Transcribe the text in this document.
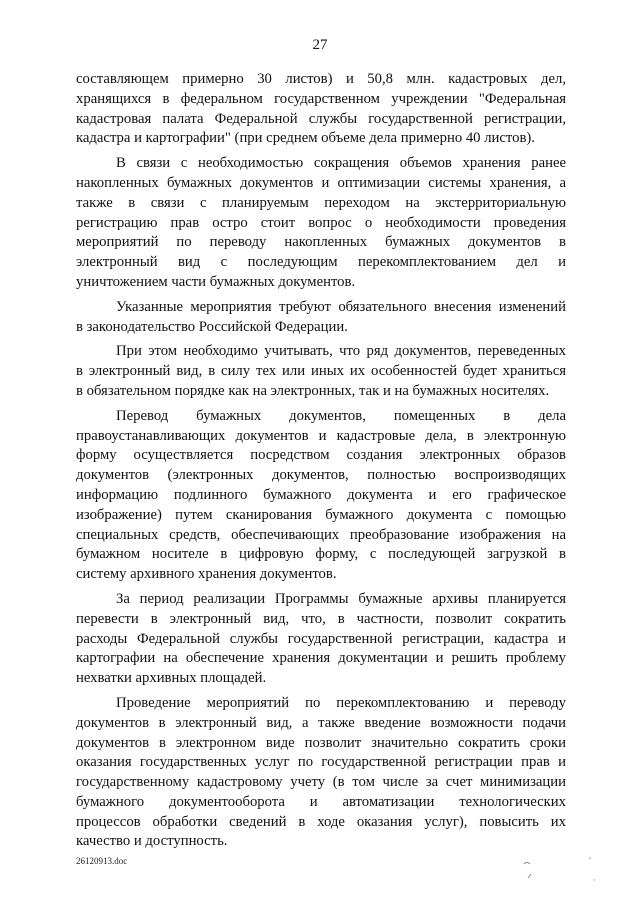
27
составляющем примерно 30 листов) и 50,8 млн. кадастровых дел,
хранящихся в федеральном государственном учреждении "Федеральная
кадастровая палата Федеральной службы государственной регистрации,
кадастра и картографии" (при среднем объеме дела примерно 40 листов).
В связи с необходимостью сокращения объемов хранения ранее
накопленных бумажных документов и оптимизации системы хранения, а
также в связи с планируемым переходом на экстерриториальную
регистрацию прав остро стоит вопрос о необходимости проведения
мероприятий по переводу накопленных бумажных документов в
электронный вид с последующим перекомплектованием дел и
уничтожением части бумажных документов.
Указанные мероприятия требуют обязательного внесения изменений
в законодательство Российской Федерации.
При этом необходимо учитывать, что ряд документов, переведенных
в электронный вид, в силу тех или иных их особенностей будет храниться
в обязательном порядке как на электронных, так и на бумажных носителях.
Перевод бумажных документов, помещенных в дела
правоустанавливающих документов и кадастровые дела, в электронную
форму осуществляется посредством создания электронных образов
документов (электронных документов, полностью воспроизводящих
информацию подлинного бумажного документа и его графическое
изображение) путем сканирования бумажного документа с помощью
специальных средств, обеспечивающих преобразование изображения на
бумажном носителе в цифровую форму, с последующей загрузкой в
систему архивного хранения документов.
За период реализации Программы бумажные архивы планируется
перевести в электронный вид, что, в частности, позволит сократить
расходы Федеральной службы государственной регистрации, кадастра и
картографии на обеспечение хранения документации и решить проблему
нехватки архивных площадей.
Проведение мероприятий по перекомплектованию и переводу
документов в электронный вид, а также введение возможности подачи
документов в электронном виде позволит значительно сократить сроки
оказания государственных услуг по государственной регистрации прав и
государственному кадастровому учету (в том числе за счет минимизации
бумажного документооборота и автоматизации технологических
процессов обработки сведений в ходе оказания услуг), повысить их
качество и доступность.
26120913.doc
